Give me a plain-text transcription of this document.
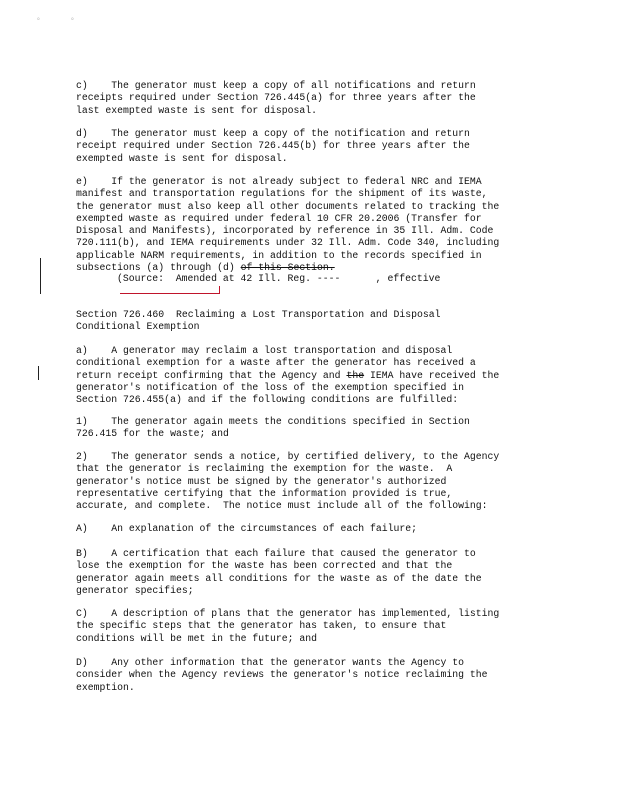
°	°

c)    The generator must keep a copy of all notifications and return
receipts required under Section 726.445(a) for three years after the
last exempted waste is sent for disposal.

d)    The generator must keep a copy of the notification and return
receipt required under Section 726.445(b) for three years after the
exempted waste is sent for disposal.

e)    If the generator is not already subject to federal NRC and IEMA
manifest and transportation regulations for the shipment of its waste,
the generator must also keep all other documents related to tracking the
exempted waste as required under federal 10 CFR 20.2006 (Transfer for
Disposal and Manifests), incorporated by reference in 35 Ill. Adm. Code
720.111(b), and IEMA requirements under 32 Ill. Adm. Code 340, including
applicable NARM requirements, in addition to the records specified in
subsections (a) through (d) of this Section.

(Source:  Amended at 42 Ill. Reg. ----      , effective

Section 726.460  Reclaiming a Lost Transportation and Disposal
Conditional Exemption

a)    A generator may reclaim a lost transportation and disposal
conditional exemption for a waste after the generator has received a
return receipt confirming that the Agency and the IEMA have received the
generator's notification of the loss of the exemption specified in
Section 726.455(a) and if the following conditions are fulfilled:

1)    The generator again meets the conditions specified in Section
726.415 for the waste; and

2)    The generator sends a notice, by certified delivery, to the Agency
that the generator is reclaiming the exemption for the waste.  A
generator's notice must be signed by the generator's authorized
representative certifying that the information provided is true,
accurate, and complete.  The notice must include all of the following:

A)    An explanation of the circumstances of each failure;

B)    A certification that each failure that caused the generator to
lose the exemption for the waste has been corrected and that the
generator again meets all conditions for the waste as of the date the
generator specifies;

C)    A description of plans that the generator has implemented, listing
the specific steps that the generator has taken, to ensure that
conditions will be met in the future; and

D)    Any other information that the generator wants the Agency to
consider when the Agency reviews the generator's notice reclaiming the
exemption.
